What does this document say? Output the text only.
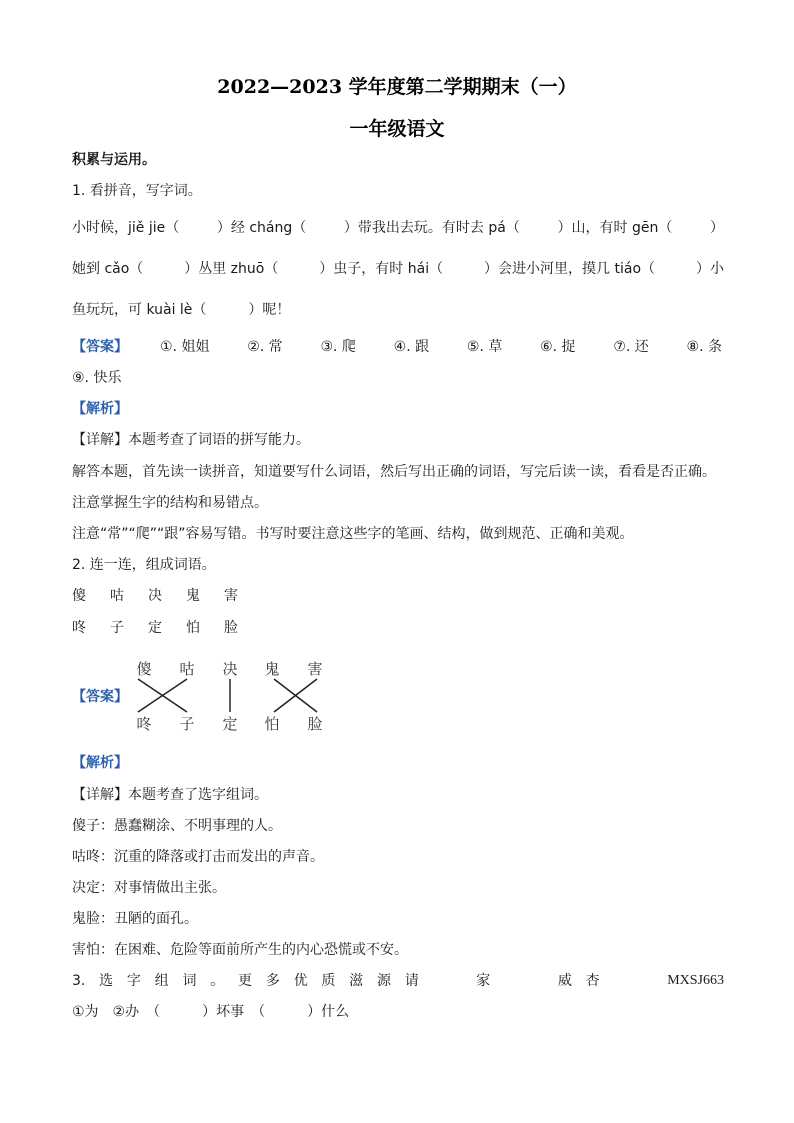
2022—2023 学年度第二学期期末（一）
一年级语文
积累与运用。
1. 看拼音，写字词。
小时候，jiě jie（	）经 cháng（	）带我出去玩。有时去 pá（	）山，有时 gēn（	）
她到 cǎo（	）丛里 zhuō（	）虫子，有时 hái（	）会进小河里，摸几 tiáo（	）小
鱼玩玩，可 kuài lè（　　　）呢！
【答案】	①. 姐姐	②. 常	③. 爬	④. 跟	⑤. 草	⑥. 捉	⑦. 还	⑧. 条
⑨. 快乐
【解析】
【详解】本题考查了词语的拼写能力。
解答本题，首先读一读拼音，知道要写什么词语，然后写出正确的词语，写完后读一读，看看是否正确。
注意掌握生字的结构和易错点。
注意“常”“爬”“跟”容易写错。书写时要注意这些字的笔画、结构，做到规范、正确和美观。
2. 连一连，组成词语。
傻	咕	决	鬼	害
咚	子	定	怕	脸
【答案】
傻 咕 决 鬼 害
咚 子 定 怕 脸
【解析】
【详解】本题考查了选字组词。
傻子：愚蠢糊涂、不明事理的人。
咕咚：沉重的降落或打击而发出的声音。
决定：对事情做出主张。
鬼脸：丑陋的面孔。
害怕：在困难、危险等面前所产生的内心恐慌或不安。
3. 选 字 组 词 。 更 多 优 质 滋 源 请	家	威 杏	MXSJ663
①为　②办　（　　　）坏事　（　　　）什么
